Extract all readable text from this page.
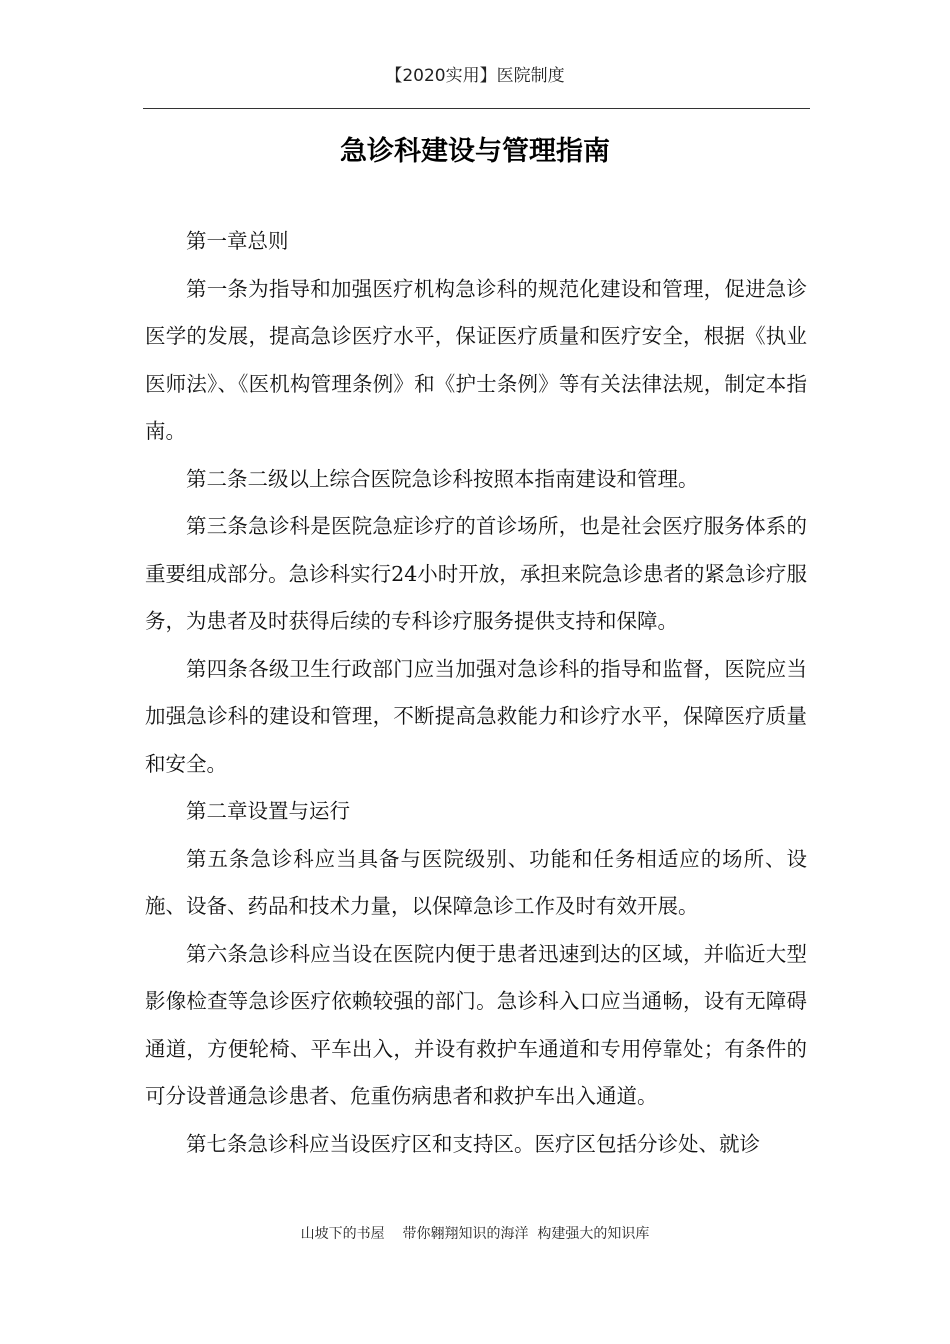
【2020实用】医院制度
急诊科建设与管理指南

第一章总则

第一条为指导和加强医疗机构急诊科的规范化建设和管理，促进急诊医学的发展，提高急诊医疗水平，保证医疗质量和医疗安全，根据《执业医师法》、《医机构管理条例》和《护士条例》等有关法律法规，制定本指南。

第二条二级以上综合医院急诊科按照本指南建设和管理。

第三条急诊科是医院急症诊疗的首诊场所，也是社会医疗服务体系的重要组成部分。急诊科实行24小时开放，承担来院急诊患者的紧急诊疗服务，为患者及时获得后续的专科诊疗服务提供支持和保障。

第四条各级卫生行政部门应当加强对急诊科的指导和监督，医院应当加强急诊科的建设和管理，不断提高急救能力和诊疗水平，保障医疗质量和安全。

第二章设置与运行

第五条急诊科应当具备与医院级别、功能和任务相适应的场所、设施、设备、药品和技术力量，以保障急诊工作及时有效开展。

第六条急诊科应当设在医院内便于患者迅速到达的区域，并临近大型影像检查等急诊医疗依赖较强的部门。急诊科入口应当通畅，设有无障碍通道，方便轮椅、平车出入，并设有救护车通道和专用停靠处；有条件的可分设普通急诊患者、危重伤病患者和救护车出入通道。

第七条急诊科应当设医疗区和支持区。医疗区包括分诊处、就诊

山坡下的书屋    带你翱翔知识的海洋  构建强大的知识库
